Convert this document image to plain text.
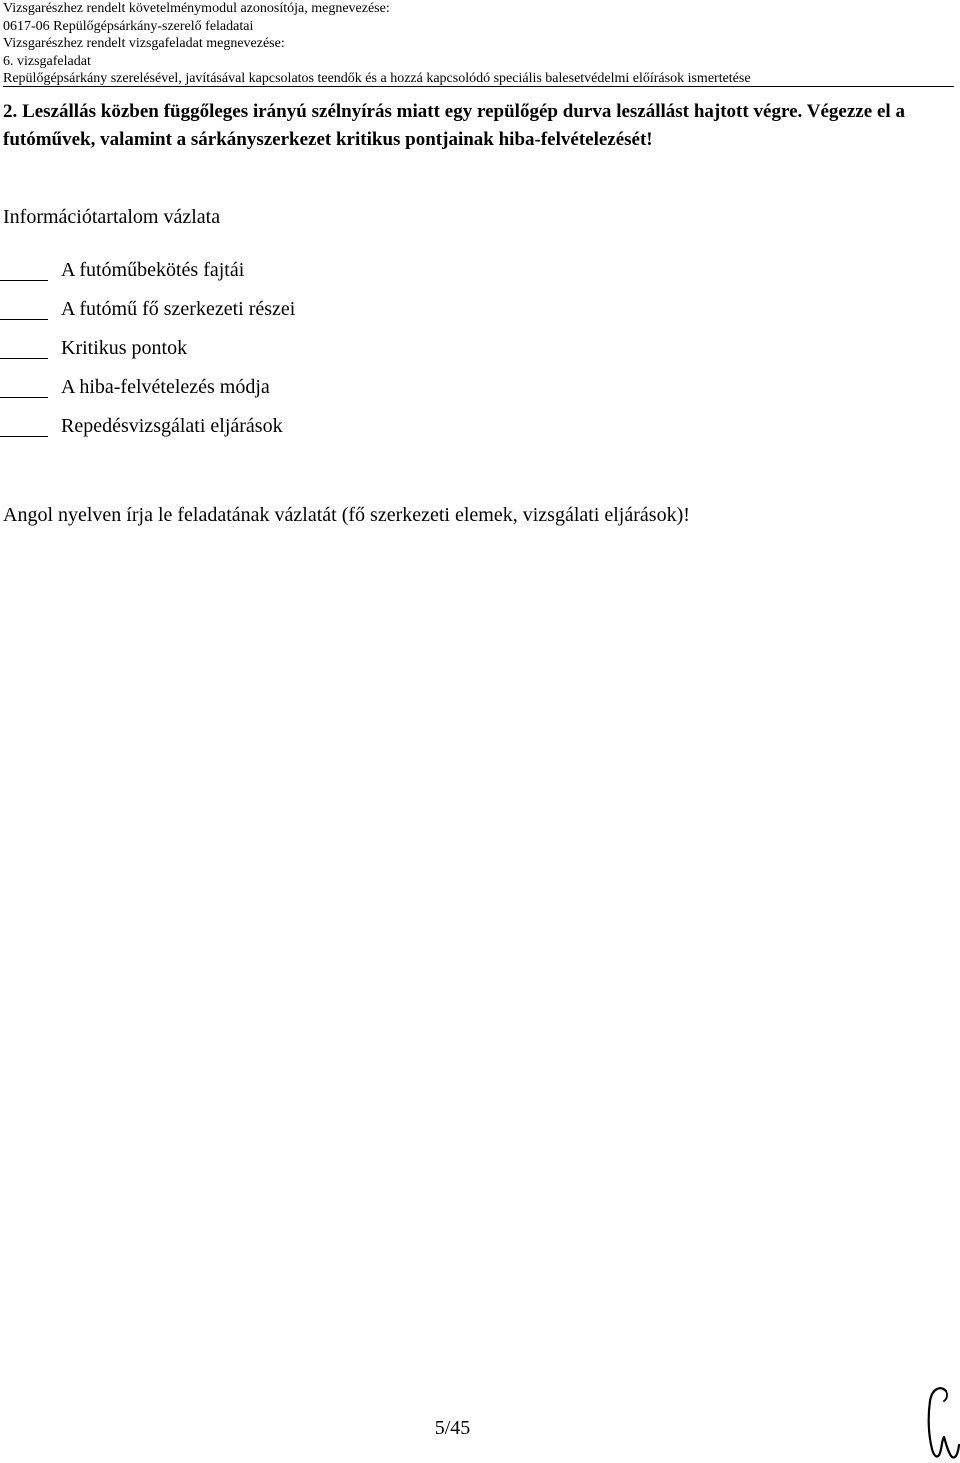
Vizsgarészhez rendelt követelménymodul azonosítója, megnevezése:
0617-06 Repülőgépsárkány-szerelő feladatai
Vizsgarészhez rendelt vizsgafeladat megnevezése:
6. vizsgafeladat
Repülőgépsárkány szerelésével, javításával kapcsolatos teendők és a hozzá kapcsolódó speciális balesetvédelmi előírások ismertetése
2. Leszállás közben függőleges irányú szélnyírás miatt egy repülőgép durva leszállást hajtott végre. Végezze el a futóművek, valamint a sárkányszerkezet kritikus pontjainak hiba-felvételezését!
Információtartalom vázlata
A futóműbekötés fajtái
A futómű fő szerkezeti részei
Kritikus pontok
A hiba-felvételezés módja
Repedésvizsgálati eljárások
Angol nyelven írja le feladatának vázlatát (fő szerkezeti elemek, vizsgálati eljárások)!
5/45
